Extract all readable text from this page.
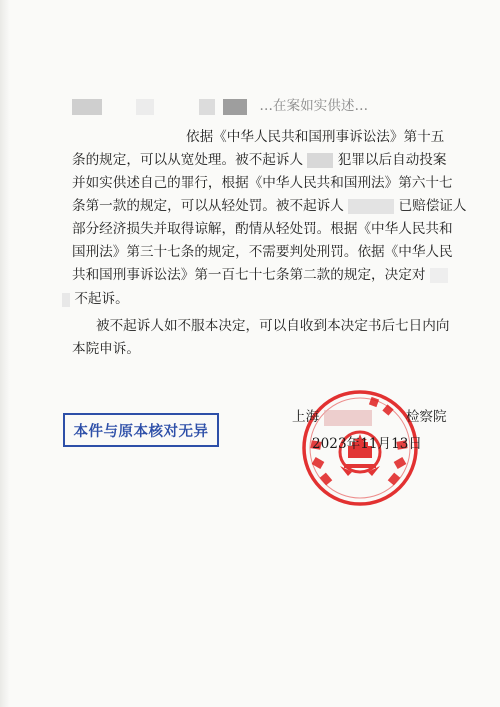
…在案如实供述…
依据《中华人民共和国刑事诉讼法》第十五
条的规定，可以从宽处理。被不起诉人	犯罪以后自动投案
并如实供述自己的罪行，根据《中华人民共和国刑法》第六十七
条第一款的规定，可以从轻处罚。被不起诉人	已赔偿证人
部分经济损失并取得谅解，酌情从轻处罚。根据《中华人民共和
国刑法》第三十七条的规定，不需要判处刑罚。依据《中华人民
共和国刑事诉讼法》第一百七十七条第二款的规定，决定对
不起诉。
被不起诉人如不服本决定，可以自收到本决定书后七日内向
本院申诉。
本件与原本核对无异
上海	检察院
2023年11月13日
